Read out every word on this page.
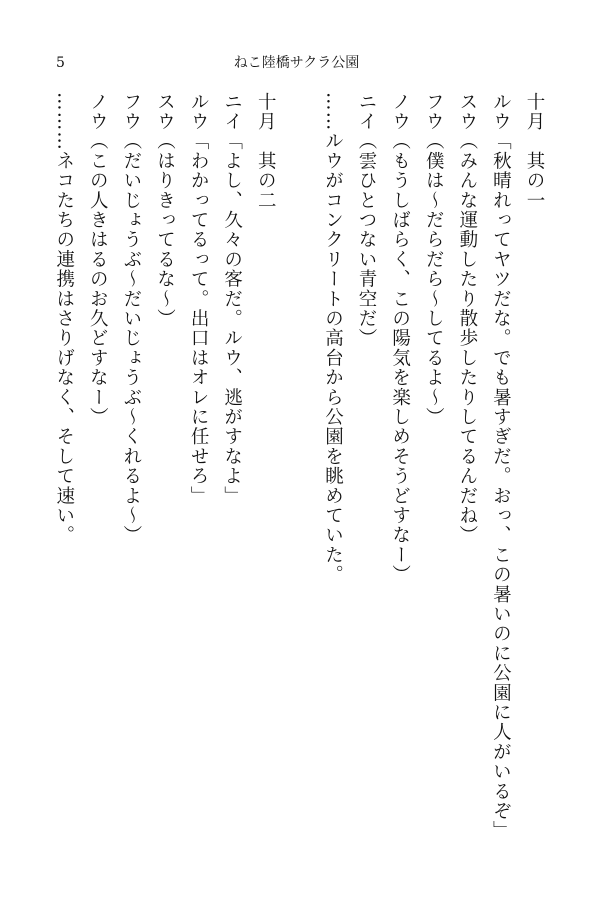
5	ねこ陸橋サクラ公園
十月　其の一
ルウ「秋晴れってヤツだな。でも暑すぎだ。おっ、この暑いのに公園に人がいるぞ」
スウ（みんな運動したり散歩したりしてるんだね）
フウ（僕は～だらだら～してるよ～）
ノウ（もうしばらく、この陽気を楽しめそうどすなー）
ニイ（雲ひとつない青空だ）
……ルウがコンクリートの高台から公園を眺めていた。
十月　其の二
ニイ「よし、久々の客だ。ルウ、逃がすなよ」
ルウ「わかってるって。出口はオレに任せろ」
スウ（はりきってるな～）
フウ（だいじょうぶ～だいじょうぶ～くれるよ～）
ノウ（この人きはるのお久どすなー）
………ネコたちの連携はさりげなく、そして速い。
